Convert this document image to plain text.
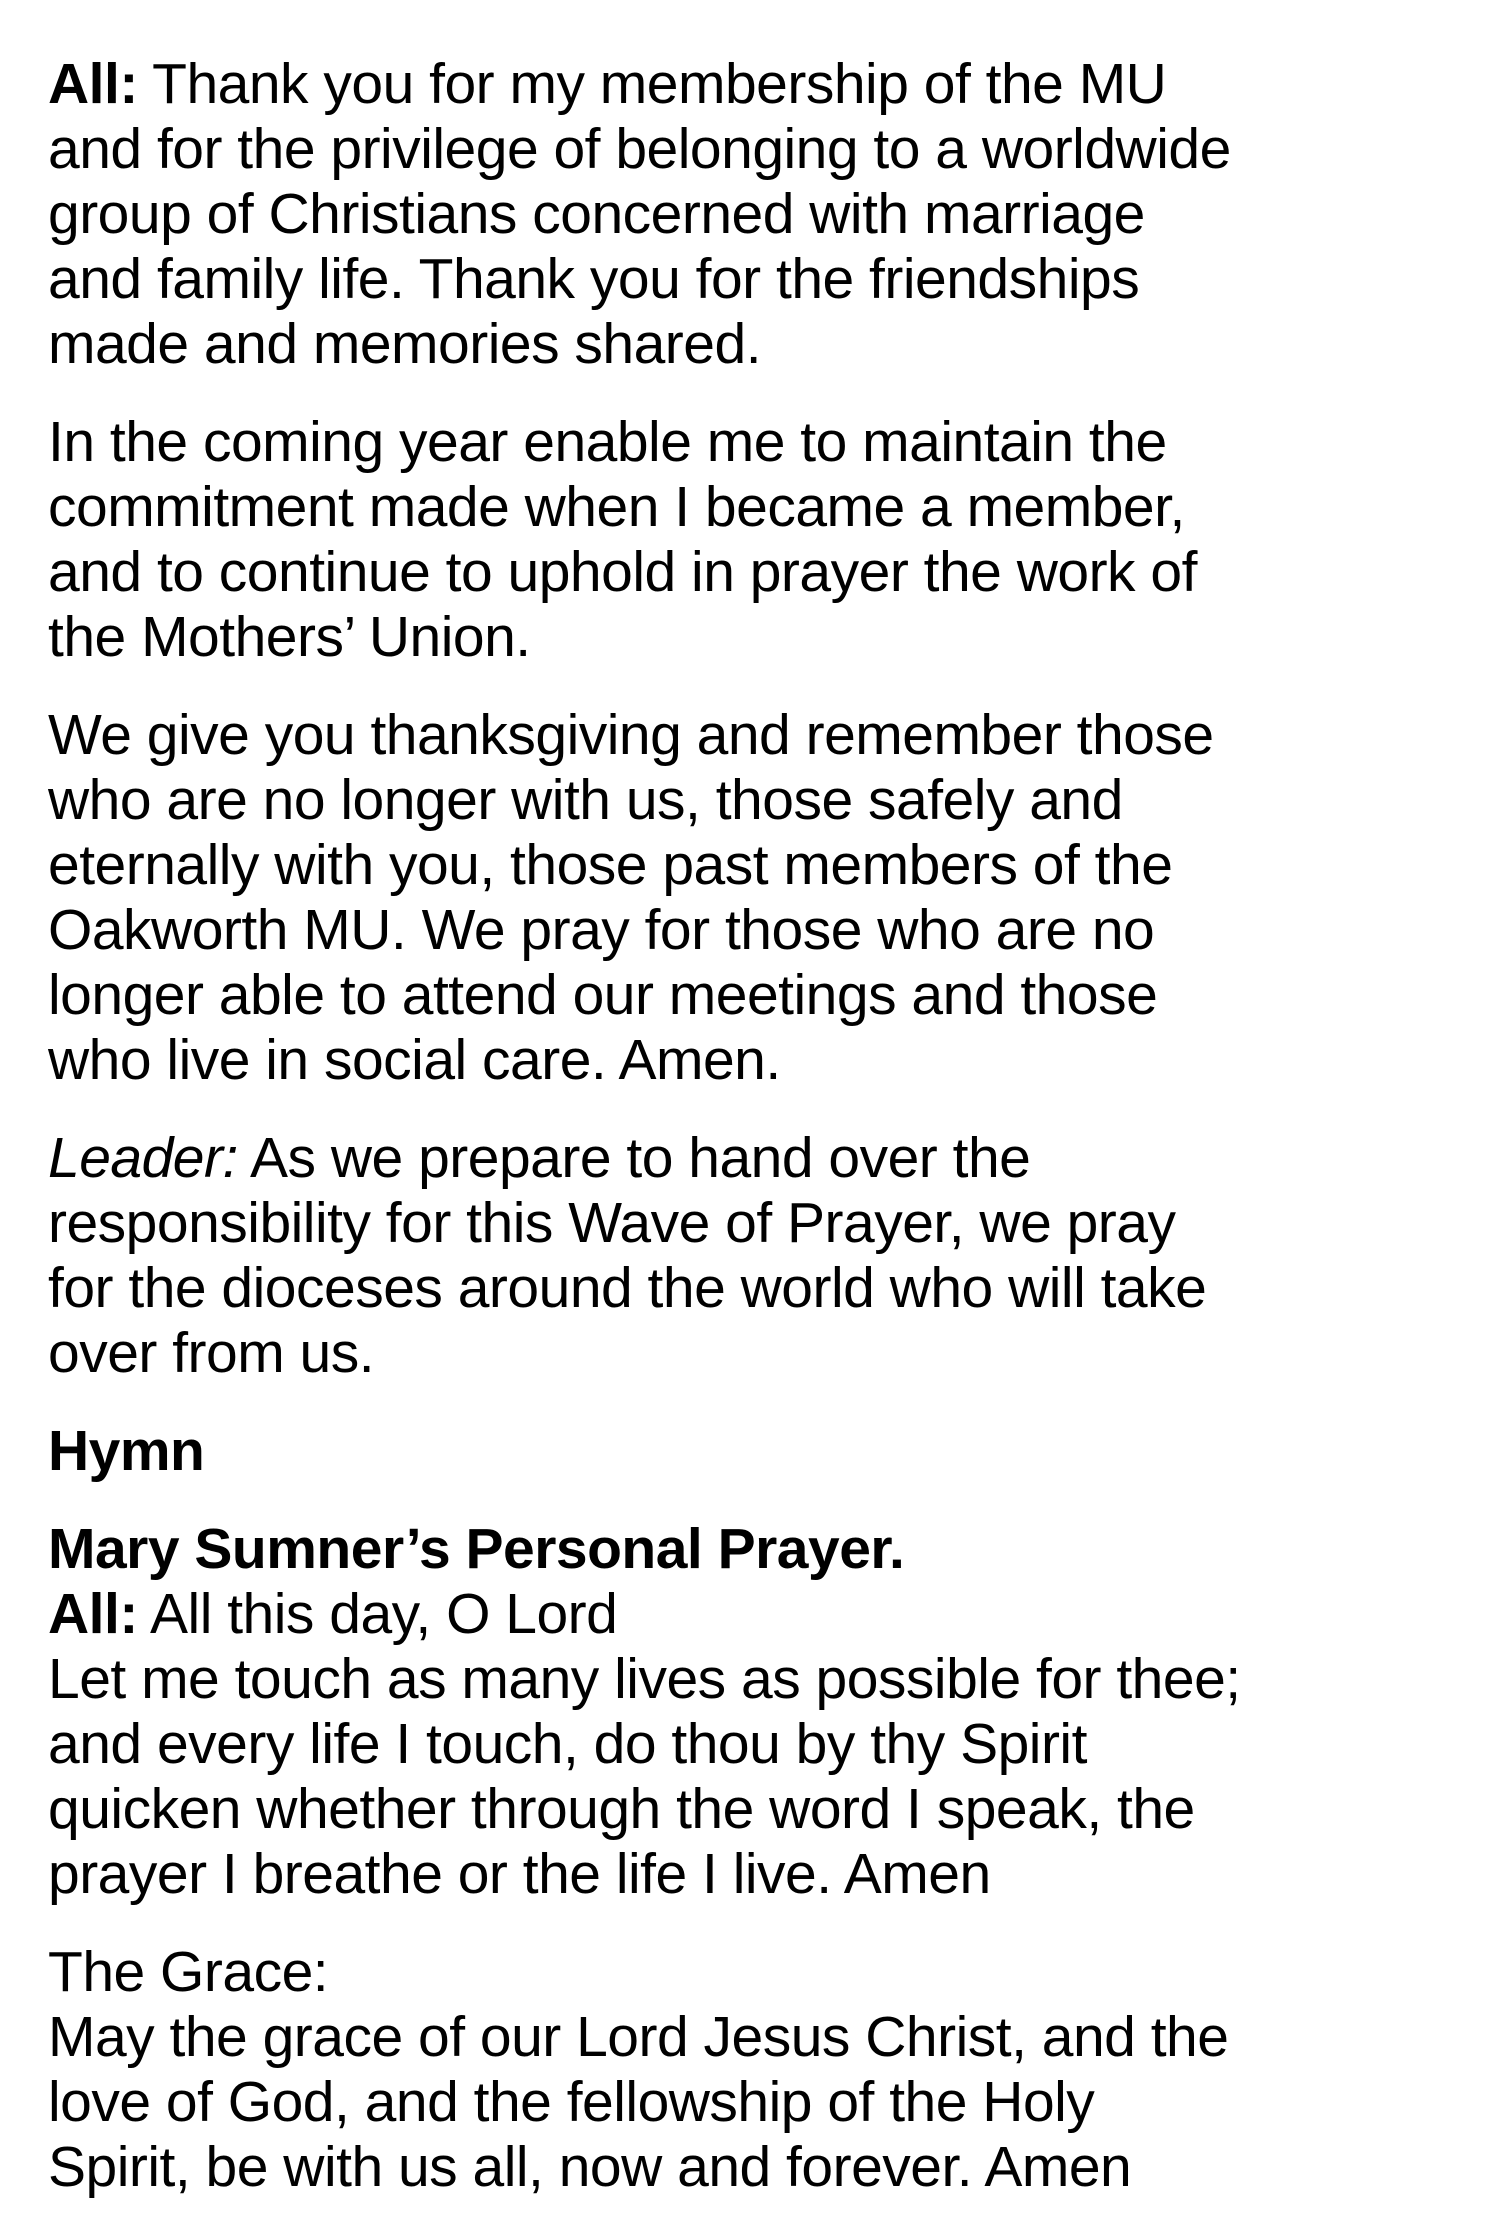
All: Thank you for my membership of the MU
and for the privilege of belonging to a worldwide
group of Christians concerned with marriage
and family life. Thank you for the friendships
made and memories shared.
In the coming year enable me to maintain the
commitment made when I became a member,
and to continue to uphold in prayer the work of
the Mothers’ Union.
We give you thanksgiving and remember those
who are no longer with us, those safely and
eternally with you, those past members of the
Oakworth MU. We pray for those who are no
longer able to attend our meetings and those
who live in social care. Amen.
Leader: As we prepare to hand over the
responsibility for this Wave of Prayer, we pray
for the dioceses around the world who will take
over from us.
Hymn
Mary Sumner’s Personal Prayer.
All: All this day, O Lord
Let me touch as many lives as possible for thee;
and every life I touch, do thou by thy Spirit
quicken whether through the word I speak, the
prayer I breathe or the life I live. Amen
The Grace:
May the grace of our Lord Jesus Christ, and the
love of God, and the fellowship of the Holy
Spirit, be with us all, now and forever. Amen
